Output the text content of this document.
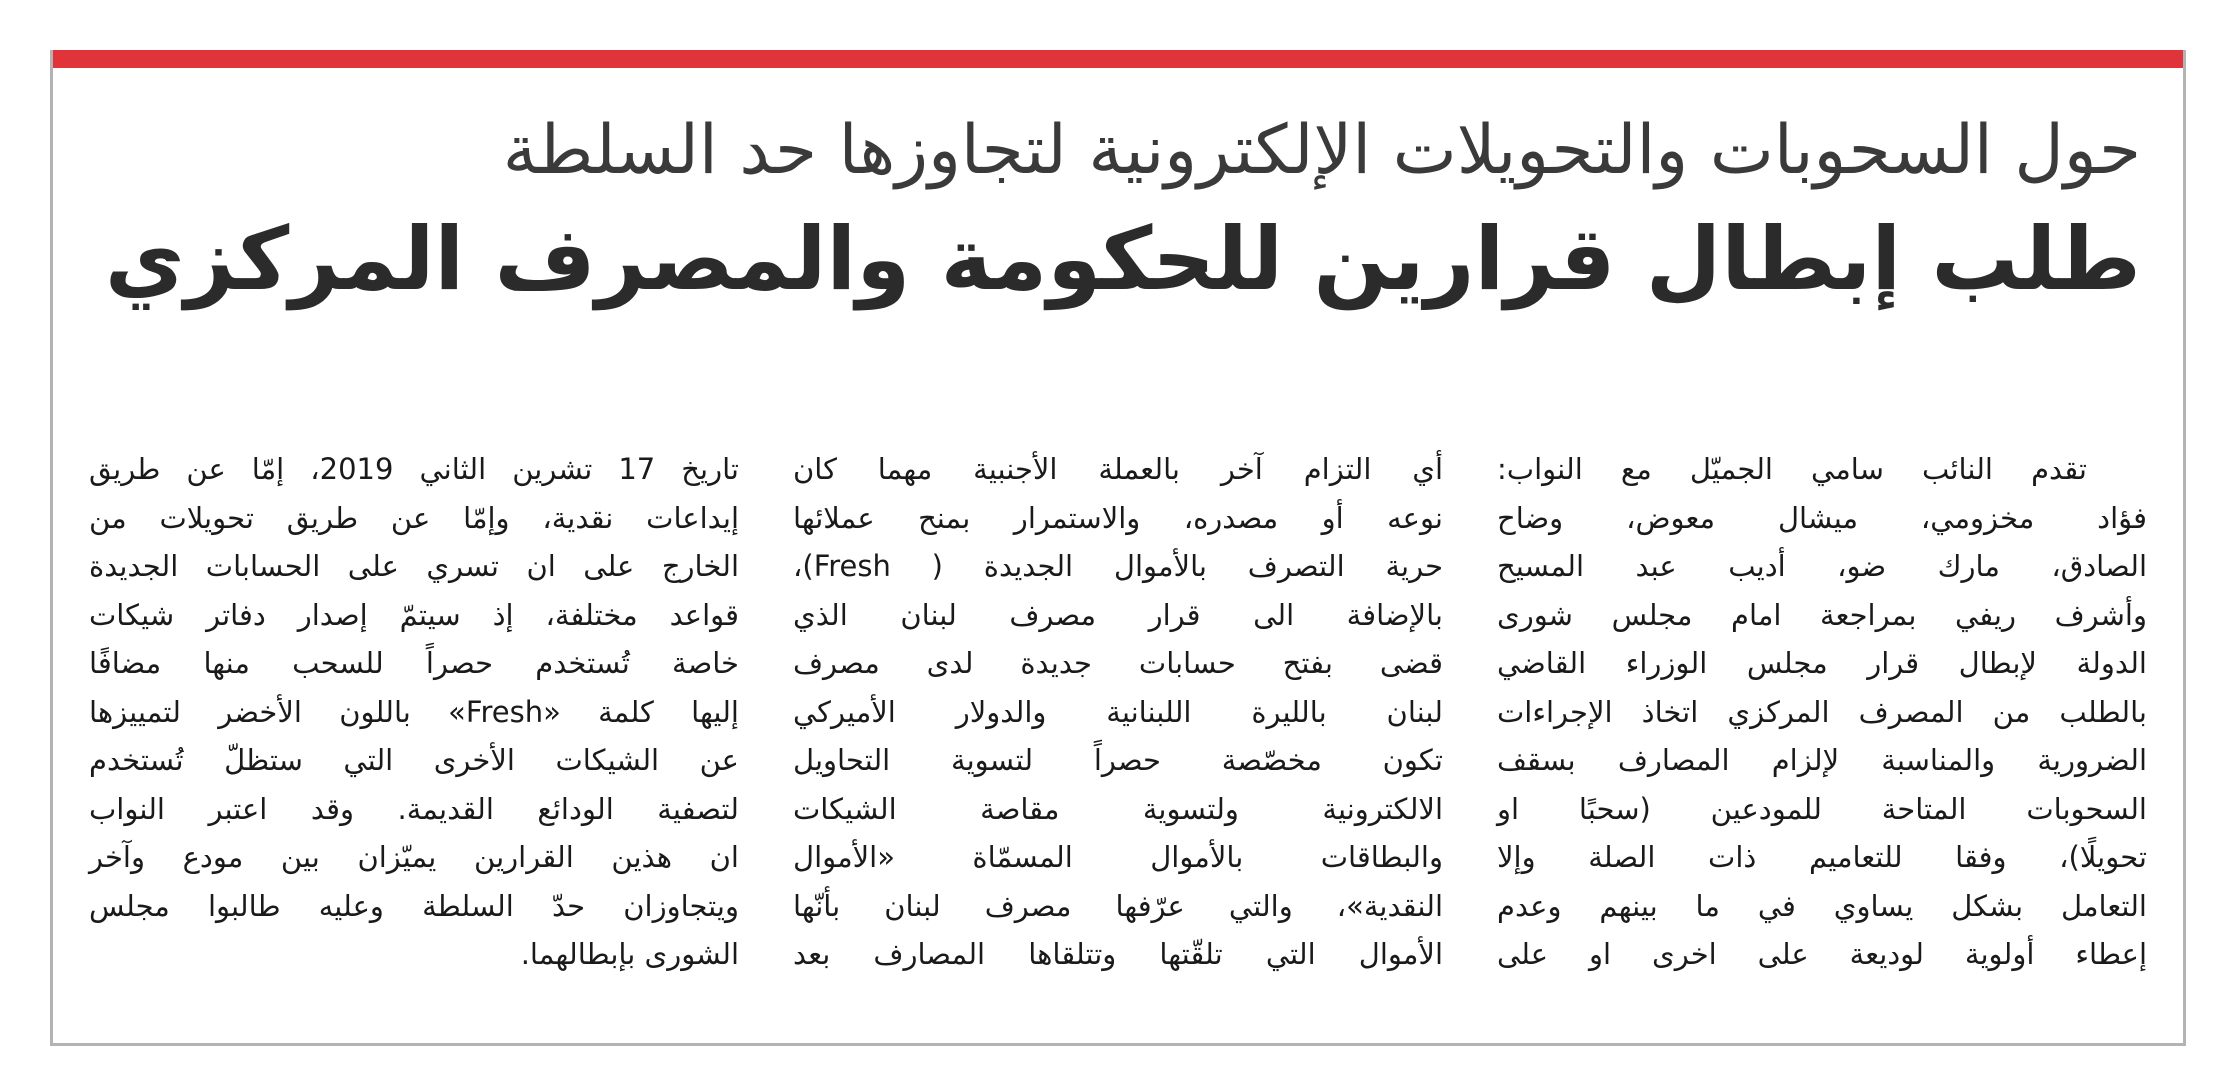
حول السحوبات والتحويلات الإلكترونية لتجاوزها حد السلطة
طلب إبطال قرارين للحكومة والمصرف المركزي
تقدم النائب سامي الجميّل مع النواب:
فؤاد مخزومي، ميشال معوض، وضاح
الصادق، مارك ضو، أديب عبد المسيح
وأشرف ريفي بمراجعة امام مجلس شورى
الدولة لإبطال قرار مجلس الوزراء القاضي
بالطلب من المصرف المركزي اتخاذ الإجراءات
الضرورية والمناسبة لإلزام المصارف بسقف
السحوبات المتاحة للمودعين (سحبًا او
تحويلًا)، وفقا للتعاميم ذات الصلة وإلا
التعامل بشكل يساوي في ما بينهم وعدم
إعطاء أولوية لوديعة على اخرى او على
أي التزام آخر بالعملة الأجنبية مهما كان
نوعه أو مصدره، والاستمرار بمنح عملائها
حرية التصرف بالأموال الجديدة ( Fresh)،
بالإضافة الى قرار مصرف لبنان الذي
قضى بفتح حسابات جديدة لدى مصرف
لبنان بالليرة اللبنانية والدولار الأميركي
تكون مخصّصة حصراً لتسوية التحاويل
الالكترونية ولتسوية مقاصة الشيكات
والبطاقات بالأموال المسمّاة «الأموال
النقدية»، والتي عرّفها مصرف لبنان بأنّها
الأموال التي تلقّتها وتتلقاها المصارف بعد
تاريخ 17 تشرين الثاني 2019، إمّا عن طريق
إيداعات نقدية، وإمّا عن طريق تحويلات من
الخارج على ان تسري على الحسابات الجديدة
قواعد مختلفة، إذ سيتمّ إصدار دفاتر شيكات
خاصة تُستخدم حصراً للسحب منها مضافًا
إليها كلمة «Fresh» باللون الأخضر لتمييزها
عن الشيكات الأخرى التي ستظلّ تُستخدم
لتصفية الودائع القديمة. وقد اعتبر النواب
ان هذين القرارين يميّزان بين مودع وآخر
ويتجاوزان حدّ السلطة وعليه طالبوا مجلس
الشورى بإبطالهما.
